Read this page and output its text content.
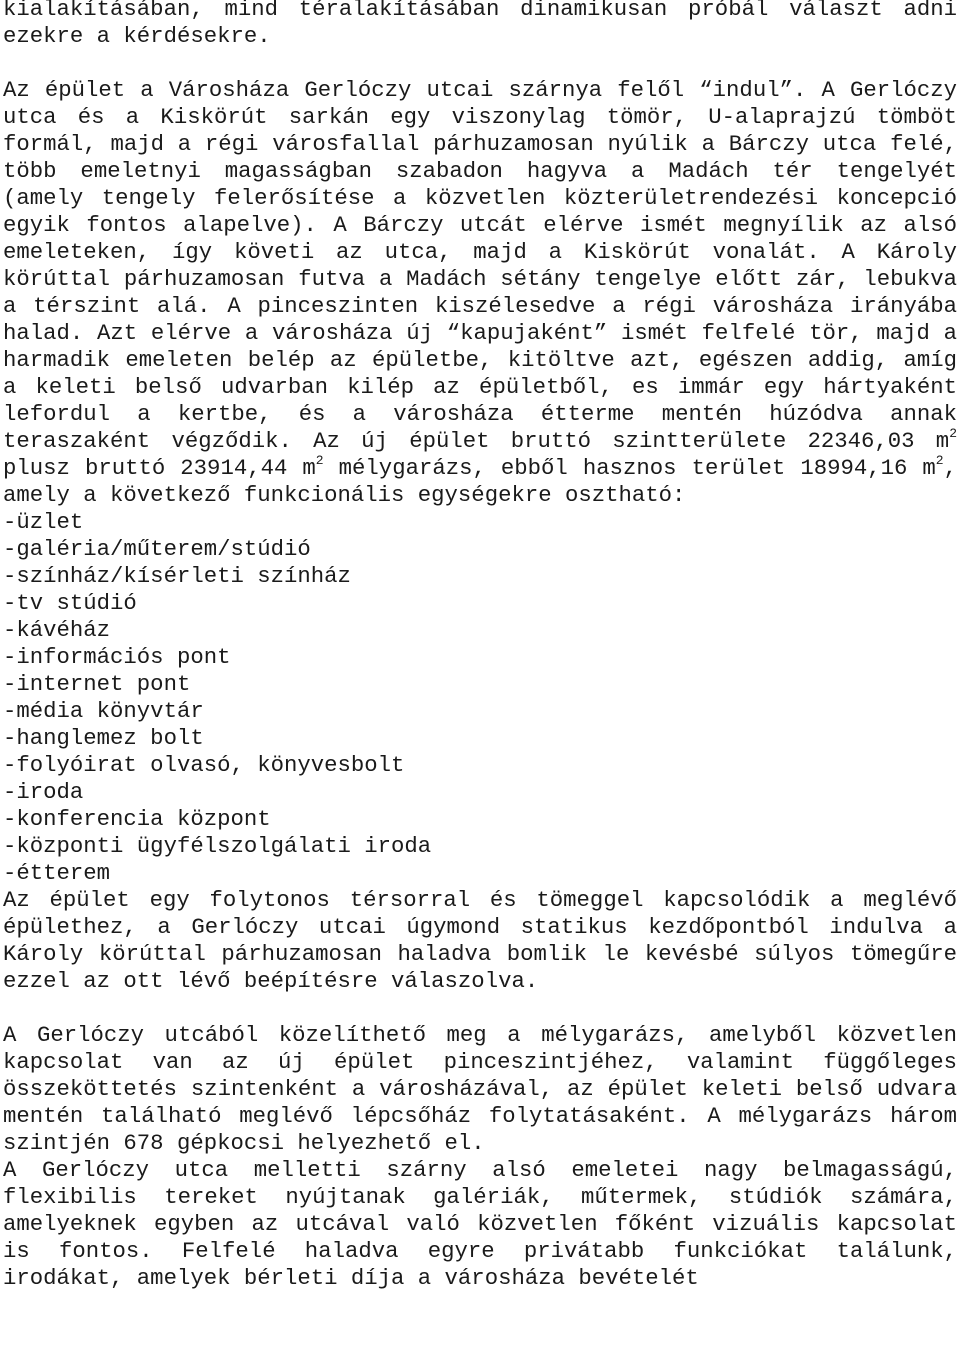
kialakításában, mind téralakításában dinamikusan próbál választ adni ezekre a kérdésekre.

Az épület a Városháza Gerlóczy utcai szárnya felől “indul”. A Gerlóczy utca és a Kiskörút sarkán egy viszonylag tömör, U-alaprajzú tömböt formál, majd a régi városfallal párhuzamosan nyúlik a Bárczy utca felé, több emeletnyi magasságban szabadon hagyva a Madách tér tengelyét (amely tengely felerősítése a közvetlen közterületrendezési koncepció egyik fontos alapelve). A Bárczy utcát elérve ismét megnyílik az alsó emeleteken, így követi az utca, majd a Kiskörút vonalát. A Károly körúttal párhuzamosan futva a Madách sétány tengelye előtt zár, lebukva a térszint alá. A pinceszinten kiszélesedve a régi városháza irányába halad. Azt elérve a városháza új “kapujaként” ismét felfelé tör, majd a harmadik emeleten belép az épületbe, kitöltve azt, egészen addig, amíg a keleti belső udvarban kilép az épületből, es immár egy hártyaként lefordul a kertbe, és a városháza étterme mentén húzódva annak teraszaként végződik. Az új épület bruttó szintterülete 22346,03 $m^2$ plusz bruttó 23914,44 $m^2$ mélygarázs, ebből hasznos terület 18994,16 $m^2$, amely a következő funkcionális egységekre osztható:

-üzlet
-galéria/műterem/stúdió
-színház/kísérleti színház
-tv stúdió
-kávéház
-információs pont
-internet pont
-média könyvtár
-hanglemez bolt
-folyóirat olvasó, könyvesbolt
-iroda
-konferencia központ
-központi ügyfélszolgálati iroda
-étterem

Az épület egy folytonos térsorral és tömeggel kapcsolódik a meglévő épülethez, a Gerlóczy utcai úgymond statikus kezdőpontból indulva a Károly körúttal párhuzamosan haladva bomlik le kevésbé súlyos tömegűre ezzel az ott lévő beépítésre válaszolva.

A Gerlóczy utcából közelíthető meg a mélygarázs, amelyből közvetlen kapcsolat van az új épület pinceszintjéhez, valamint függőleges összeköttetés szintenként a városházával, az épület keleti belső udvara mentén található meglévő lépcsőház folytatásaként. A mélygarázs három szintjén 678 gépkocsi helyezhető el.

A Gerlóczy utca melletti szárny alsó emeletei nagy belmagasságú, flexibilis tereket nyújtanak galériák, műtermek, stúdiók számára, amelyeknek egyben az utcával való közvetlen főként vizuális kapcsolat is fontos. Felfelé haladva egyre privátabb funkciókat találunk, irodákat, amelyek bérleti díja a városháza bevételét
